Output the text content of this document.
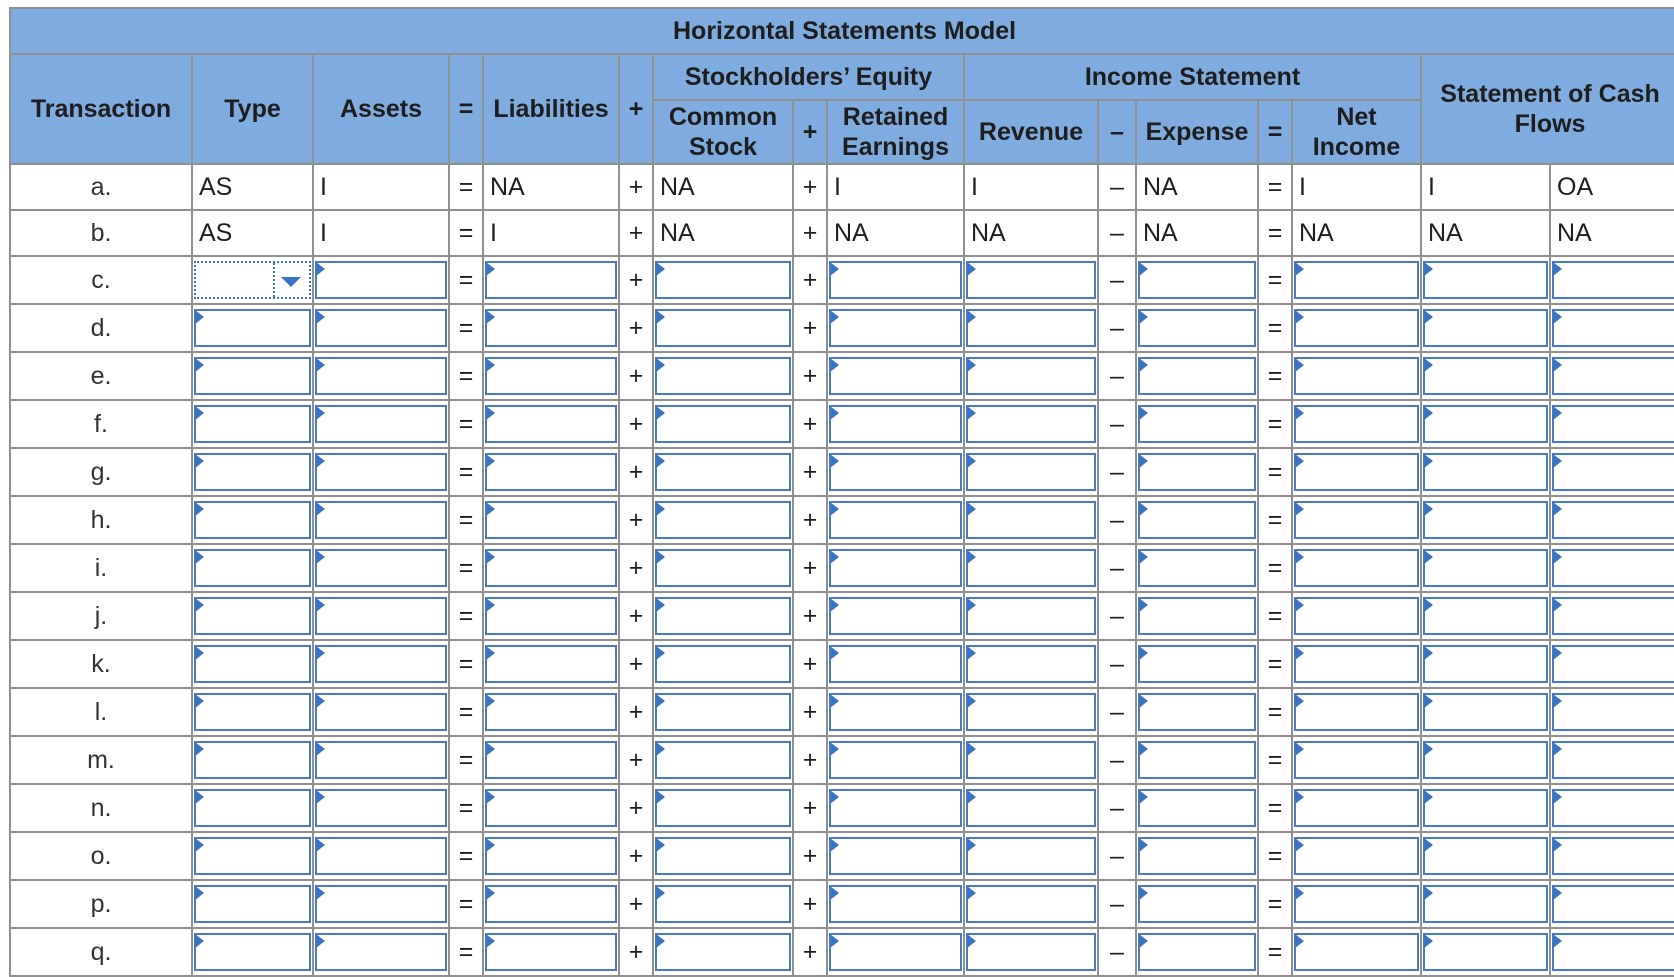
Horizontal Statements Model															
Transaction	Type	Assets	=	Liabilities	+	Stockholders’ Equity			Income Statement					Statement of Cash Flows	
						Common Stock	+	Retained Earnings	Revenue	–	Expense	=	Net Income		
a.	AS	I	=	NA	+	NA	+	I	I	–	NA	=	I	I	OA
b.	AS	I	=	I	+	NA	+	NA	NA	–	NA	=	NA	NA	NA
c.			=		+		+			–		=	

d.			=		+		+			–		=	

e.			=		+		+			–		=	

f.			=		+		+			–		=	

g.			=		+		+			–		=	

h.			=		+		+			–		=	

i.			=		+		+			–		=	

j.			=		+		+			–		=	

k.			=		+		+			–		=	

l.			=		+		+			–		=	

m.			=		+		+			–		=	

n.			=		+		+			–		=	

o.			=		+		+			–		=	

p.			=		+		+			–		=	

q.			=		+		+			–		=	
